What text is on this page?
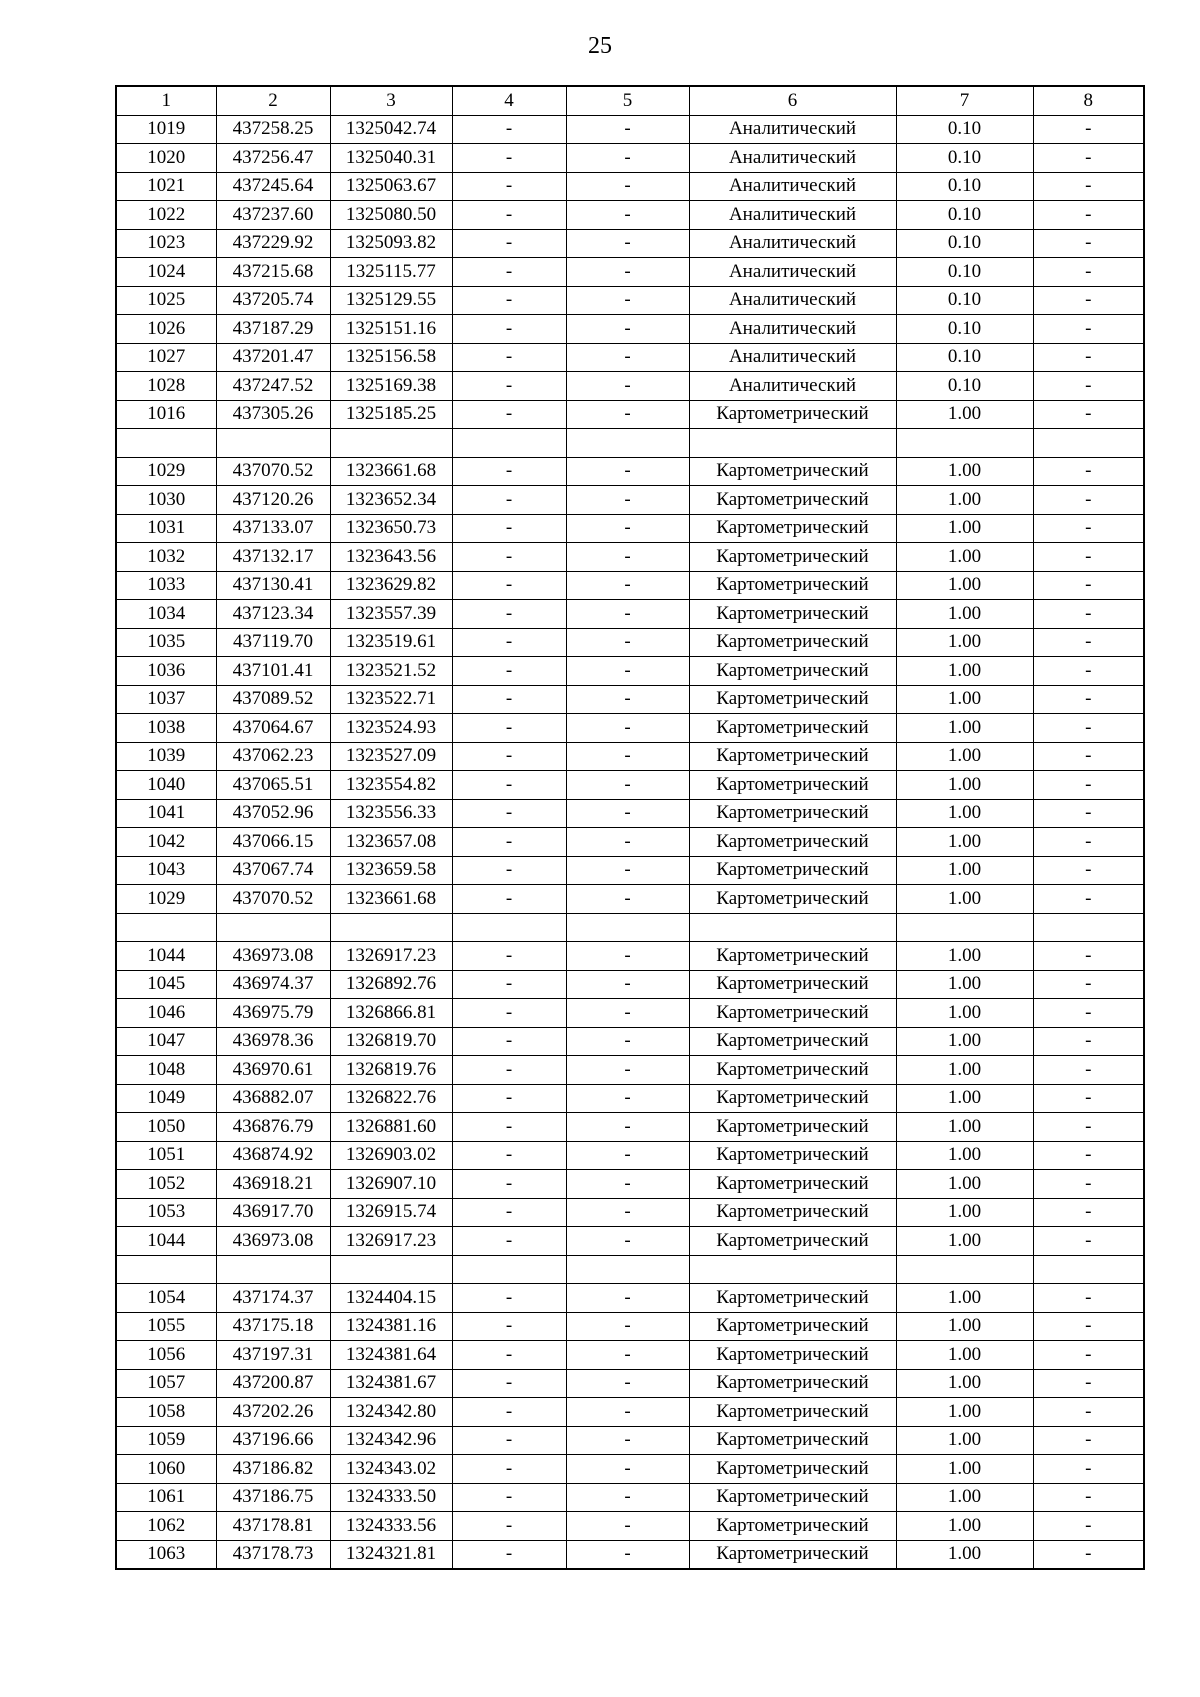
25
1	2	3	4	5	6	7	8
1019	437258.25	1325042.74	-	-	Аналитический	0.10	-
1020	437256.47	1325040.31	-	-	Аналитический	0.10	-
1021	437245.64	1325063.67	-	-	Аналитический	0.10	-
1022	437237.60	1325080.50	-	-	Аналитический	0.10	-
1023	437229.92	1325093.82	-	-	Аналитический	0.10	-
1024	437215.68	1325115.77	-	-	Аналитический	0.10	-
1025	437205.74	1325129.55	-	-	Аналитический	0.10	-
1026	437187.29	1325151.16	-	-	Аналитический	0.10	-
1027	437201.47	1325156.58	-	-	Аналитический	0.10	-
1028	437247.52	1325169.38	-	-	Аналитический	0.10	-
1016	437305.26	1325185.25	-	-	Картометрический	1.00	-

1029	437070.52	1323661.68	-	-	Картометрический	1.00	-
1030	437120.26	1323652.34	-	-	Картометрический	1.00	-
1031	437133.07	1323650.73	-	-	Картометрический	1.00	-
1032	437132.17	1323643.56	-	-	Картометрический	1.00	-
1033	437130.41	1323629.82	-	-	Картометрический	1.00	-
1034	437123.34	1323557.39	-	-	Картометрический	1.00	-
1035	437119.70	1323519.61	-	-	Картометрический	1.00	-
1036	437101.41	1323521.52	-	-	Картометрический	1.00	-
1037	437089.52	1323522.71	-	-	Картометрический	1.00	-
1038	437064.67	1323524.93	-	-	Картометрический	1.00	-
1039	437062.23	1323527.09	-	-	Картометрический	1.00	-
1040	437065.51	1323554.82	-	-	Картометрический	1.00	-
1041	437052.96	1323556.33	-	-	Картометрический	1.00	-
1042	437066.15	1323657.08	-	-	Картометрический	1.00	-
1043	437067.74	1323659.58	-	-	Картометрический	1.00	-
1029	437070.52	1323661.68	-	-	Картометрический	1.00	-

1044	436973.08	1326917.23	-	-	Картометрический	1.00	-
1045	436974.37	1326892.76	-	-	Картометрический	1.00	-
1046	436975.79	1326866.81	-	-	Картометрический	1.00	-
1047	436978.36	1326819.70	-	-	Картометрический	1.00	-
1048	436970.61	1326819.76	-	-	Картометрический	1.00	-
1049	436882.07	1326822.76	-	-	Картометрический	1.00	-
1050	436876.79	1326881.60	-	-	Картометрический	1.00	-
1051	436874.92	1326903.02	-	-	Картометрический	1.00	-
1052	436918.21	1326907.10	-	-	Картометрический	1.00	-
1053	436917.70	1326915.74	-	-	Картометрический	1.00	-
1044	436973.08	1326917.23	-	-	Картометрический	1.00	-

1054	437174.37	1324404.15	-	-	Картометрический	1.00	-
1055	437175.18	1324381.16	-	-	Картометрический	1.00	-
1056	437197.31	1324381.64	-	-	Картометрический	1.00	-
1057	437200.87	1324381.67	-	-	Картометрический	1.00	-
1058	437202.26	1324342.80	-	-	Картометрический	1.00	-
1059	437196.66	1324342.96	-	-	Картометрический	1.00	-
1060	437186.82	1324343.02	-	-	Картометрический	1.00	-
1061	437186.75	1324333.50	-	-	Картометрический	1.00	-
1062	437178.81	1324333.56	-	-	Картометрический	1.00	-
1063	437178.73	1324321.81	-	-	Картометрический	1.00	-
